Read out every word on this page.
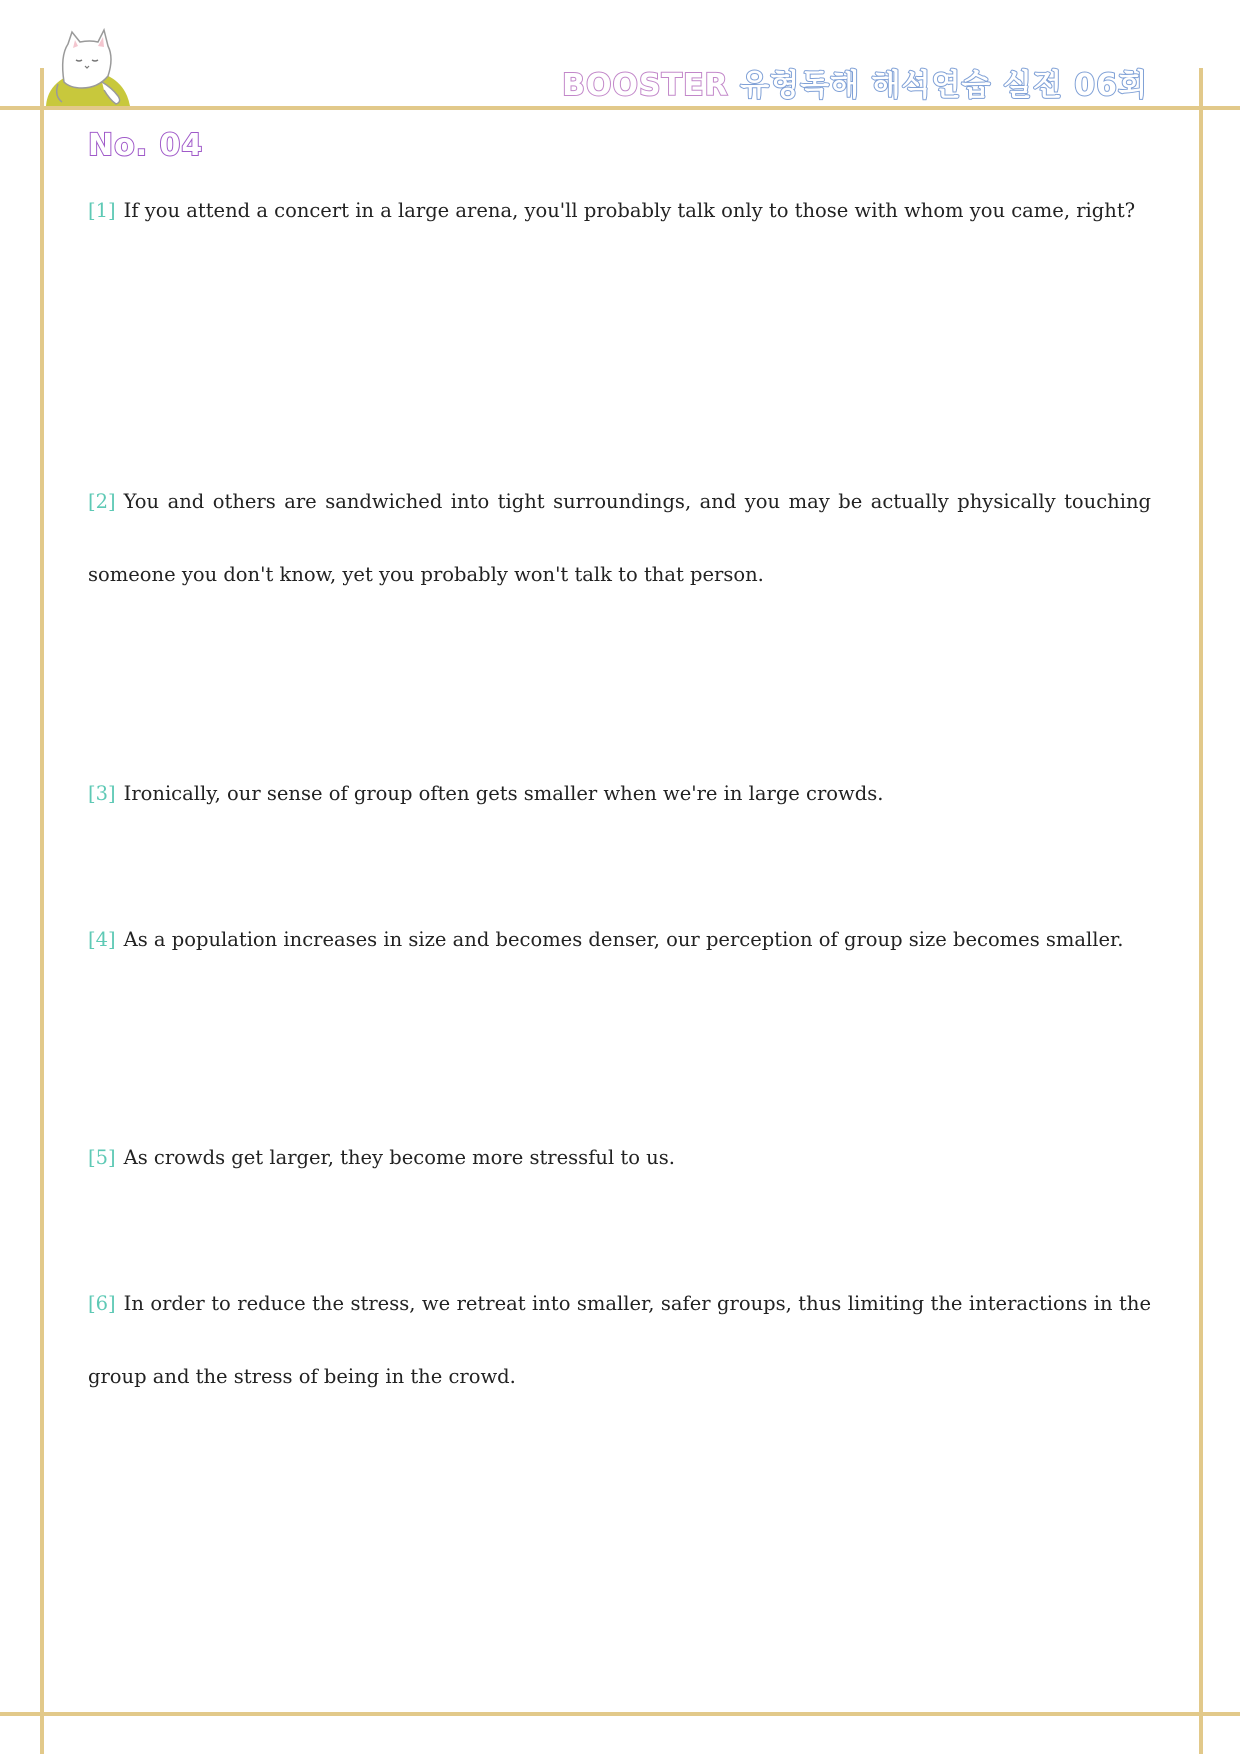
BOOSTER 유형독해 해석연습 실전 06회
No. 04
[1] If you attend a concert in a large arena, you'll probably talk only to those with whom you came, right?
[2] You and others are sandwiched into tight surroundings, and you may be actually physically touching someone you don't know, yet you probably won't talk to that person.
[3] Ironically, our sense of group often gets smaller when we're in large crowds.
[4] As a population increases in size and becomes denser, our perception of group size becomes smaller.
[5] As crowds get larger, they become more stressful to us.
[6] In order to reduce the stress, we retreat into smaller, safer groups, thus limiting the interactions in the group and the stress of being in the crowd.
